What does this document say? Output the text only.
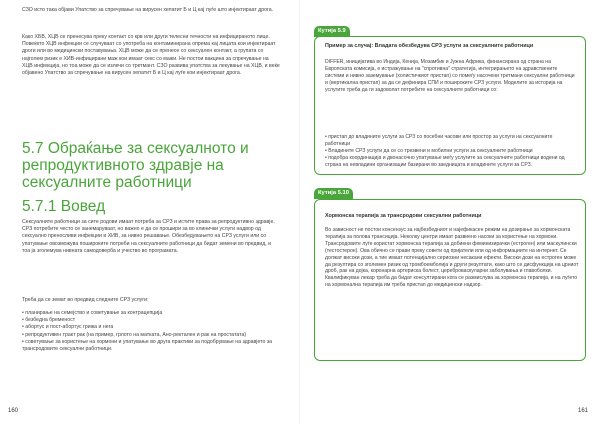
СЗО исто така објави Упатство за спречување на вирусен хепатит Б и Ц кај луѓе што инјектираат дрога.

Како ХБВ, ХЦВ се пренесува преку контакт со крв или други телесни течности на инфицираното лице. Повеќето ХЦВ инфекции се случуваат со употреба на контаминирана опрема кај лицата кои инјектираат дроги или во медицински поставувања. ХЦВ може да се пренесе со сексуален контакт, а групата со најголем ризик е ХИВ-инфицирани маж кои имаат секс со мажи. Не постои вакцина за спречување на ХЦВ инфекција, но тоа може да се излечи со третмант. СЗО развива упатства за лекување на ХЦВ, и веќе објавено Упатство за спречување на вирусен хепатит Б и Ц кај луѓе кои инјектираат дрога.

5.7 Обраќање за сексуалното и репродуктивното здравје на сексуалните работници
5.7.1 Вовед

Сексуалните работници за сите родови имаат потреба за СРЗ и истите права за репродуктивно здравје. СРЗ потребите често се занемаруваат, но важно е да се прошири за во клинички услуги надвор од сексуално преносливи инфекции и ХИВ, за нивно решавање. Обезбедувањето на СРЗ услуги или со упатување овозможува пошироките потреби на сексуалните работници да бидат земени во предвид, и тоа ја зголемува нивната самодоверба и учество во програмата.

Треба да се земат во предвид следните СРЗ услуги:

• планирање на семејство и советување за контрацепција
• безбедна бременост
• абортус и пост-абортус грижа и нега
• репродуктивен тракт рак (на пример, грлото на матката, Ано-ректален и рак на простатата)
• советување за користење на хормони и упатување во друга практики за подобрување на здравјето за трансродовите сексуални работници.
160
Кутија 5.9

Пример за случај: Владата обезбедува СРЗ услуги за сексуалните работници

DIFFER, иницијатива во Индија, Кенија, Мозамбик и Јужна Африка, финансирана од страна на Европската комисија, е истражување на "спротивна" стратегија, интегрирањето на здравствените системи и нивно заземување (холистичкиот пристап) со помеѓу насочени третмани сексуални работници и (вертикална пристап) за да се дефинира СПИ и пошироките СРЗ услуги. Моделите за историја на услугите треба да ги задоволат потребите на сексуалните работници со:

• пристап до владините услуги за СРЗ со посебни часови или простор за услуги на сексуалните работници
• Владините СРЗ услуги да се со трезвени и мобилни услуги за сексуалните работници
• подобра координација и двонасочно упатување меѓу услугите за сексуалните работници водени од страна на невладини организации базирани во заедницата и владините услуги за СРЗ.
Кутија 5.10

Хормонска терапија за трансродови сексуални работници

Во зависност не постои консензус за најбезбедниот и најефикасен режим на дозирање за хормонската терапија за полова трансиција. Неколку центри имаат развиено насоки за користење на хормони. Трансродовите луѓе користат хормонска терапија за добиени феминизирачки (естроген) или маскулински (тестостерон). Ова обично се прави преку совети од пријатели или од информациите на интернет. Се должат високи дози, а тие имаат потенцијално сериозни несакани ефекти. Високи дози на естроген може да резултира со зголемен ризик од тромбоемболија и други резултати, како што се дисфункција на црниот дроб, рак на дојка, коронарна артериска болест, цереброваскуларни заболувања и главоболки. Квалификуван лекар треба да бидат консултирани кога се размислува за хормонска терапија, и на луѓето на хормонална терапија им треба пристап до медицински надзор.

161
